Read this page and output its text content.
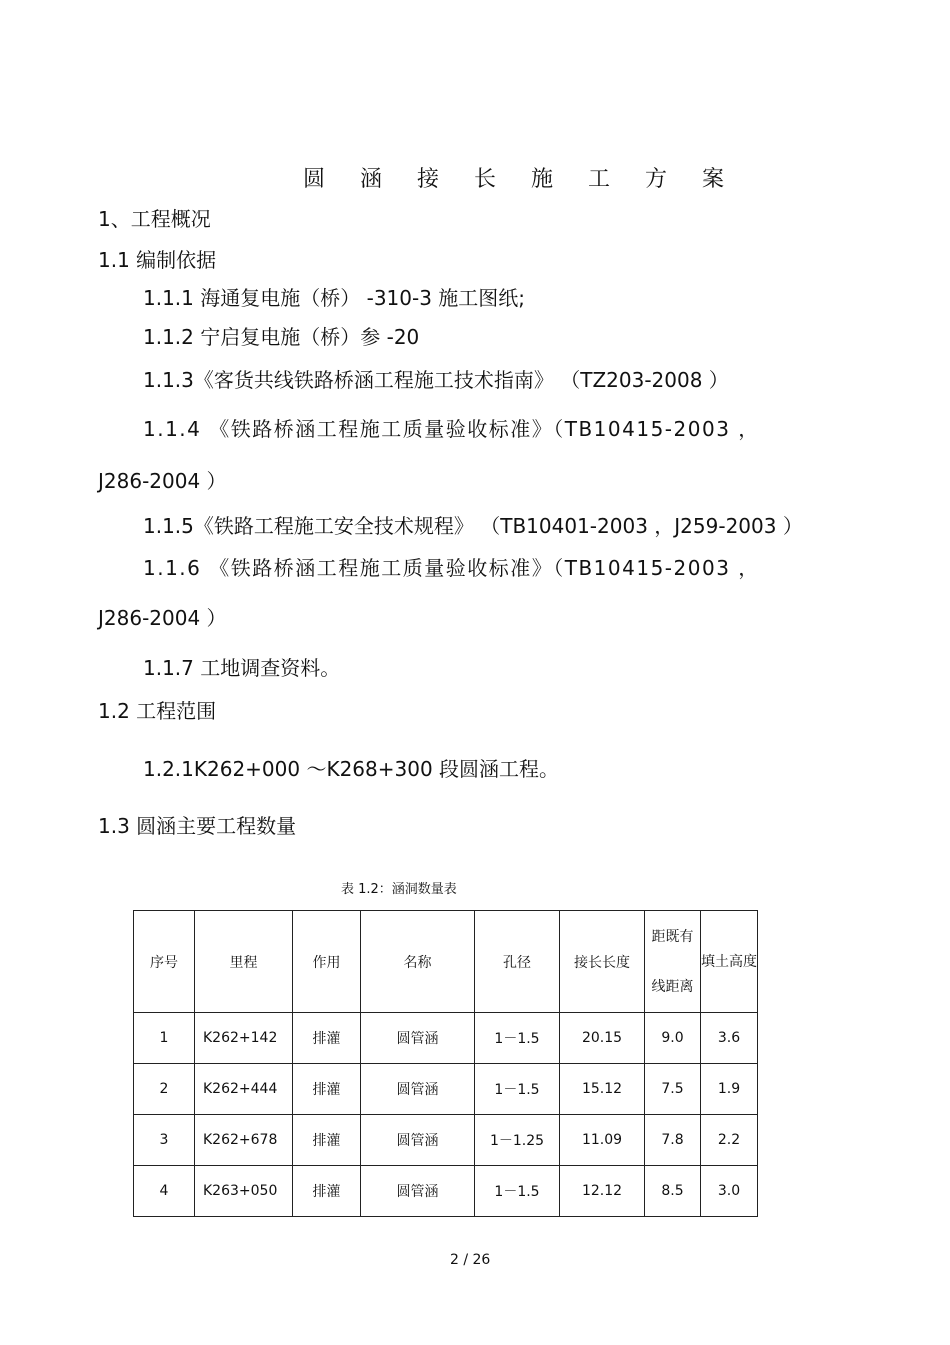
圆 涵 接 长 施 工 方 案
1、工程概况
1.1 编制依据
1.1.1 海通复电施（桥） -310-3 施工图纸;
1.1.2 宁启复电施（桥）参 -20
1.1.3《客货共线铁路桥涵工程施工技术指南》 （TZ203-2008 ）
1.1.4 《铁路桥涵工程施工质量验收标准》（TB10415-2003 ，
J286-2004 ）
1.1.5《铁路工程施工安全技术规程》 （TB10401-2003 ，J259-2003 ）
1.1.6 《铁路桥涵工程施工质量验收标准》（TB10415-2003 ，
J286-2004 ）
1.1.7 工地调查资料。
1.2 工程范围
1.2.1K262+000 ～K268+300 段圆涵工程。
1.3 圆涵主要工程数量
表 1.2：涵洞数量表
序号	里程	作用	名称	孔径	接长长度	距既有线距离	填土高度
1	K262+142	排灌	圆管涵	1－1.5	20.15	9.0	3.6
2	K262+444	排灌	圆管涵	1－1.5	15.12	7.5	1.9
3	K262+678	排灌	圆管涵	1－1.25	11.09	7.8	2.2
4	K263+050	排灌	圆管涵	1－1.5	12.12	8.5	3.0
2 / 26
